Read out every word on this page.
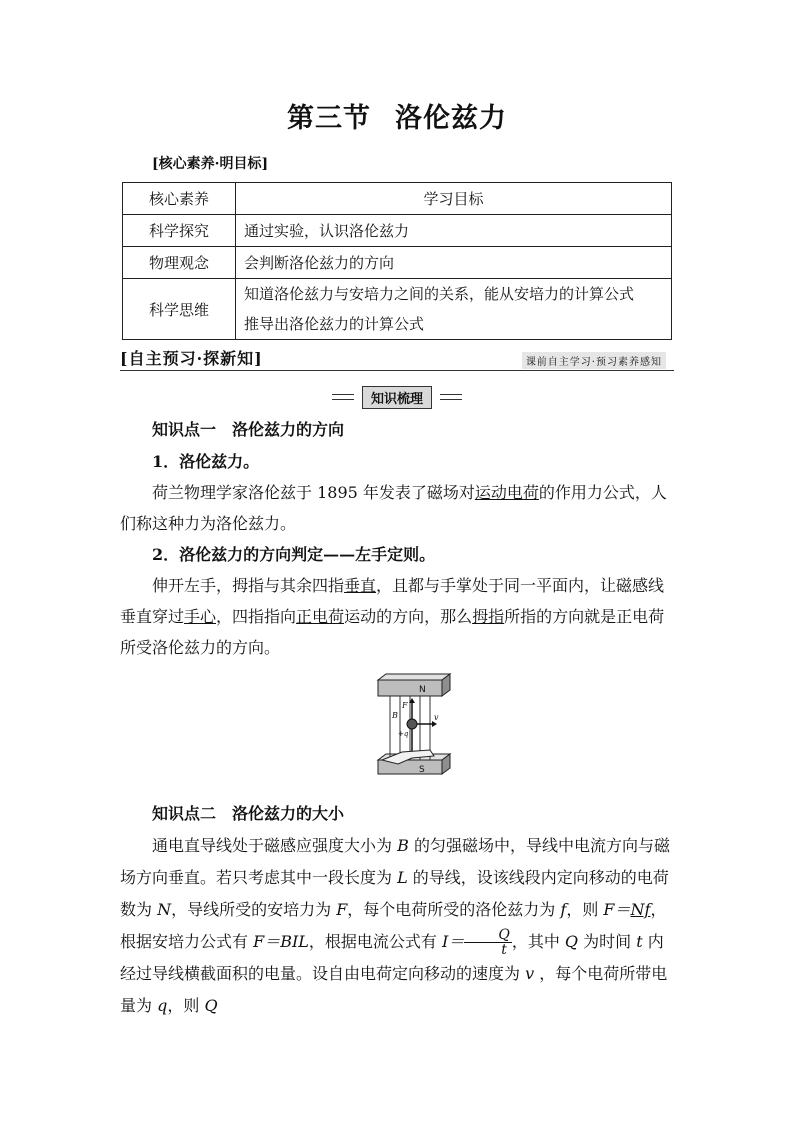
第三节 洛伦兹力
[核心素养·明目标]
核心素养	学习目标
科学探究	通过实验，认识洛伦兹力
物理观念	会判断洛伦兹力的方向
科学思维	知道洛伦兹力与安培力之间的关系，能从安培力的计算公式
推导出洛伦兹力的计算公式
[自主预习·探新知]	课前自主学习·预习素养感知
知识梳理
知识点一　洛伦兹力的方向
1．洛伦兹力。
荷兰物理学家洛伦兹于 1895 年发表了磁场对运动电荷的作用力公式，人们称这种力为洛伦兹力。
2．洛伦兹力的方向判定——左手定则。
伸开左手，拇指与其余四指垂直，且都与手掌处于同一平面内，让磁感线垂直穿过手心，四指指向正电荷运动的方向，那么拇指所指的方向就是正电荷所受洛伦兹力的方向。
N
S
F
+q
v
B
知识点二　洛伦兹力的大小
通电直导线处于磁感应强度大小为 B 的匀强磁场中，导线中电流方向与磁场方向垂直。若只考虑其中一段长度为 L 的导线，设该线段内定向移动的电荷数为 N，导线所受的安培力为 F，每个电荷所受的洛伦兹力为 f，则 F＝Nf，根据安培力公式有 F＝BIL，根据电流公式有 $I= \frac{Q}{t}$ ，其中 Q 为时间 t 内经过导线横截面积的电量。设自由电荷定向移动的速度为 v ，每个电荷所带电量为 q，则 Q
